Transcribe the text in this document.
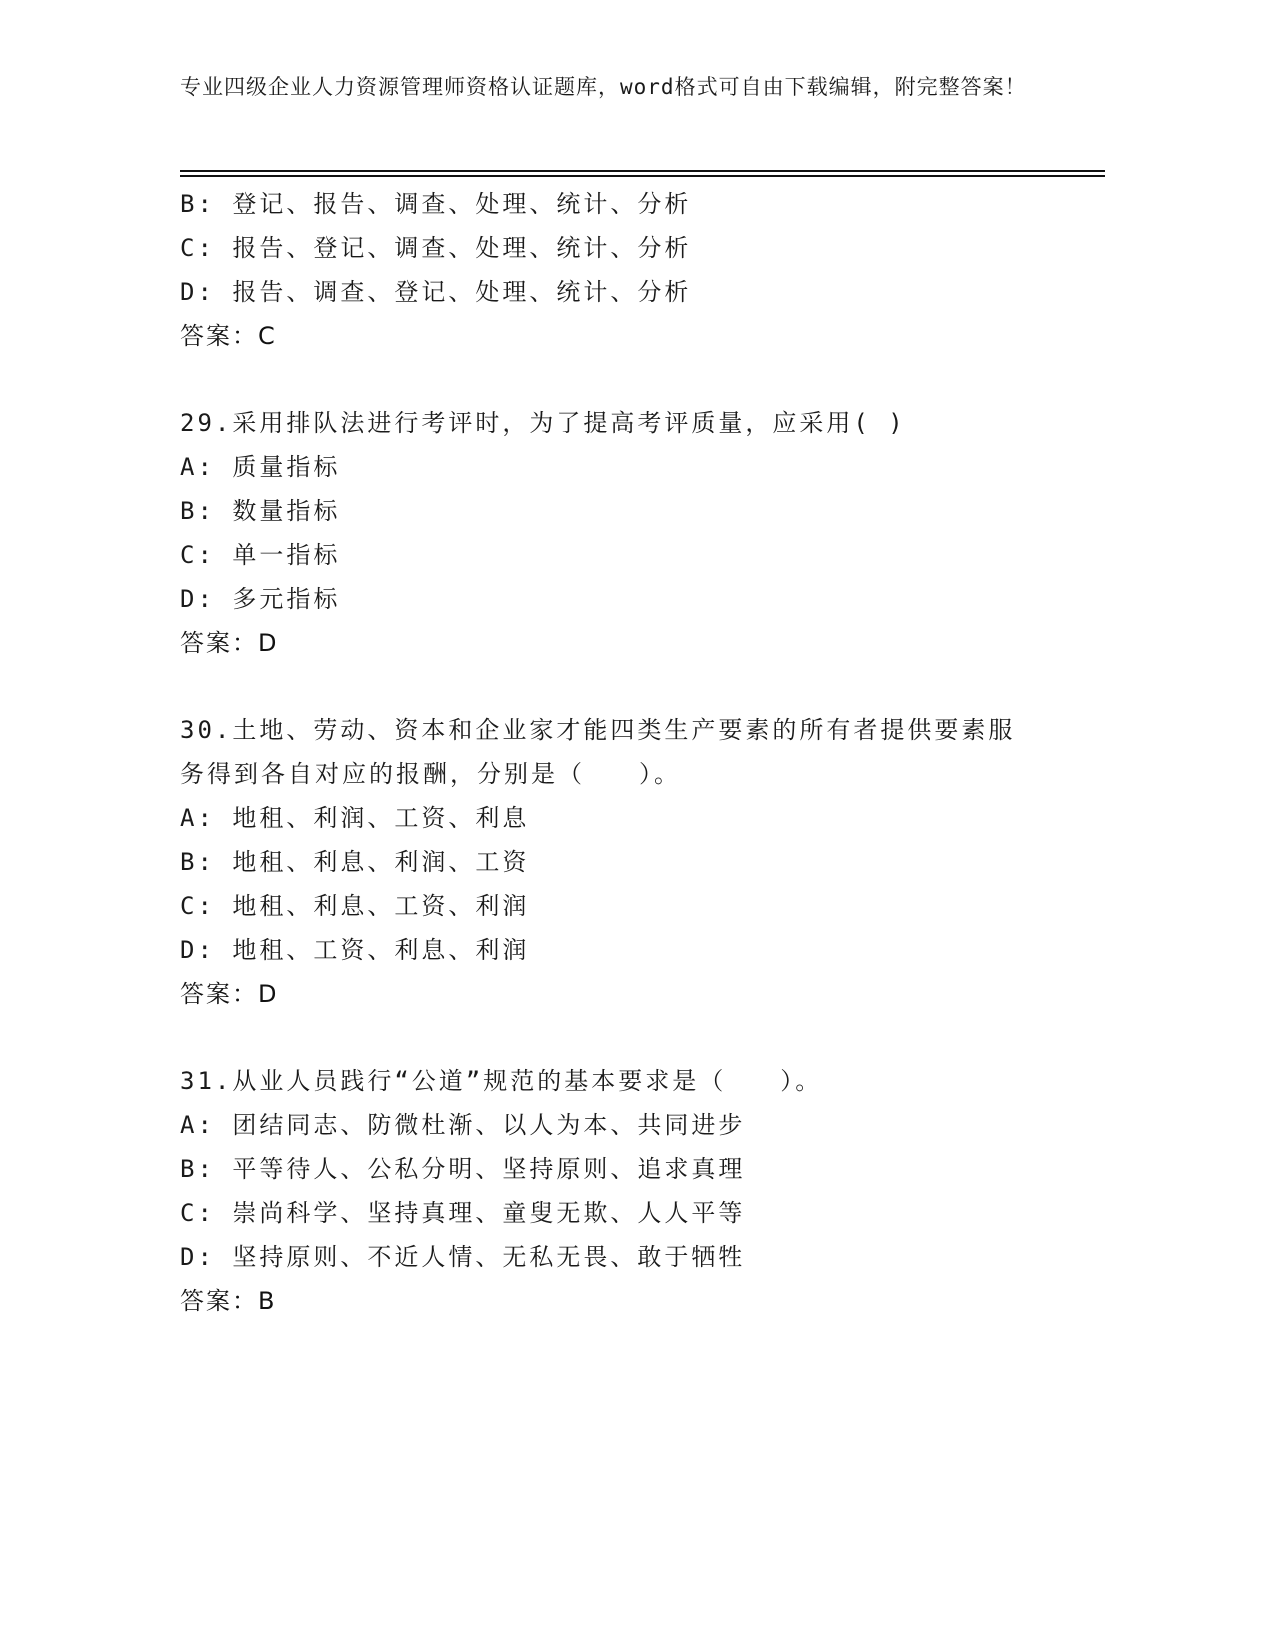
专业四级企业人力资源管理师资格认证题库，word格式可自由下载编辑，附完整答案！
B: 登记、报告、调查、处理、统计、分析
C: 报告、登记、调查、处理、统计、分析
D: 报告、调查、登记、处理、统计、分析
答案：C
29.采用排队法进行考评时，为了提高考评质量，应采用( )
A: 质量指标
B: 数量指标
C: 单一指标
D: 多元指标
答案：D
30.土地、劳动、资本和企业家才能四类生产要素的所有者提供要素服
务得到各自对应的报酬，分别是（　　）。
A: 地租、利润、工资、利息
B: 地租、利息、利润、工资
C: 地租、利息、工资、利润
D: 地租、工资、利息、利润
答案：D
31.从业人员践行“公道”规范的基本要求是（　　）。
A: 团结同志、防微杜渐、以人为本、共同进步
B: 平等待人、公私分明、坚持原则、追求真理
C: 崇尚科学、坚持真理、童叟无欺、人人平等
D: 坚持原则、不近人情、无私无畏、敢于牺牲
答案：B
